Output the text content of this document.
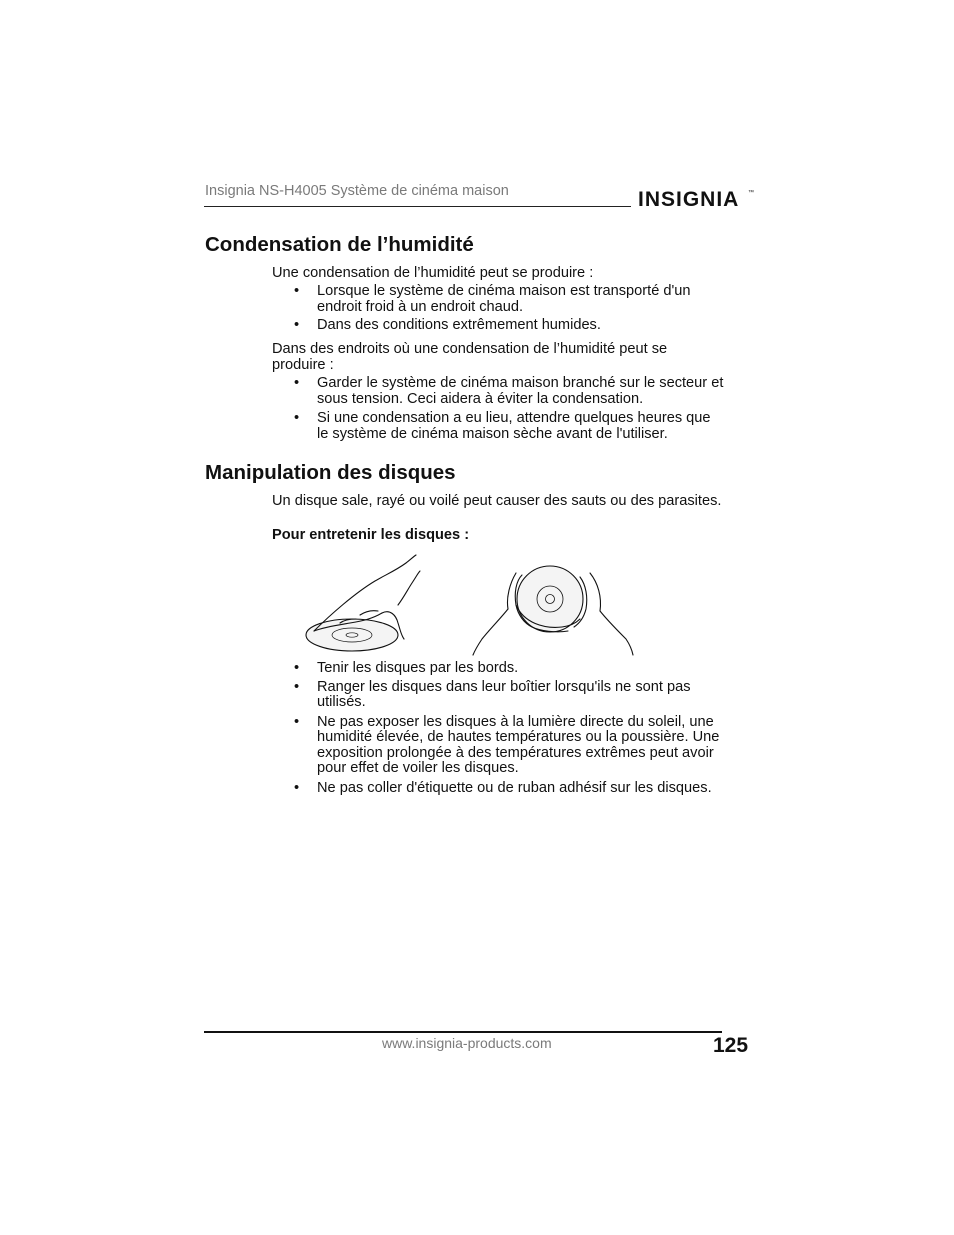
Insignia NS-H4005 Système de cinéma maison	INSIGNIA ™
Condensation de l’humidité
Une condensation de l’humidité peut se produire :
• Lorsque le système de cinéma maison est transporté d'un
endroit froid à un endroit chaud.
• Dans des conditions extrêmement humides.
Dans des endroits où une condensation de l’humidité peut se
produire :
• Garder le système de cinéma maison branché sur le secteur et
sous tension. Ceci aidera à éviter la condensation.
• Si une condensation a eu lieu, attendre quelques heures que
le système de cinéma maison sèche avant de l'utiliser.
Manipulation des disques
Un disque sale, rayé ou voilé peut causer des sauts ou des parasites.
Pour entretenir les disques :
• Tenir les disques par les bords.
• Ranger les disques dans leur boîtier lorsqu'ils ne sont pas
utilisés.
• Ne pas exposer les disques à la lumière directe du soleil, une
humidité élevée, de hautes températures ou la poussière. Une
exposition prolongée à des températures extrêmes peut avoir
pour effet de voiler les disques.
• Ne pas coller d'étiquette ou de ruban adhésif sur les disques.
www.insignia-products.com	125
